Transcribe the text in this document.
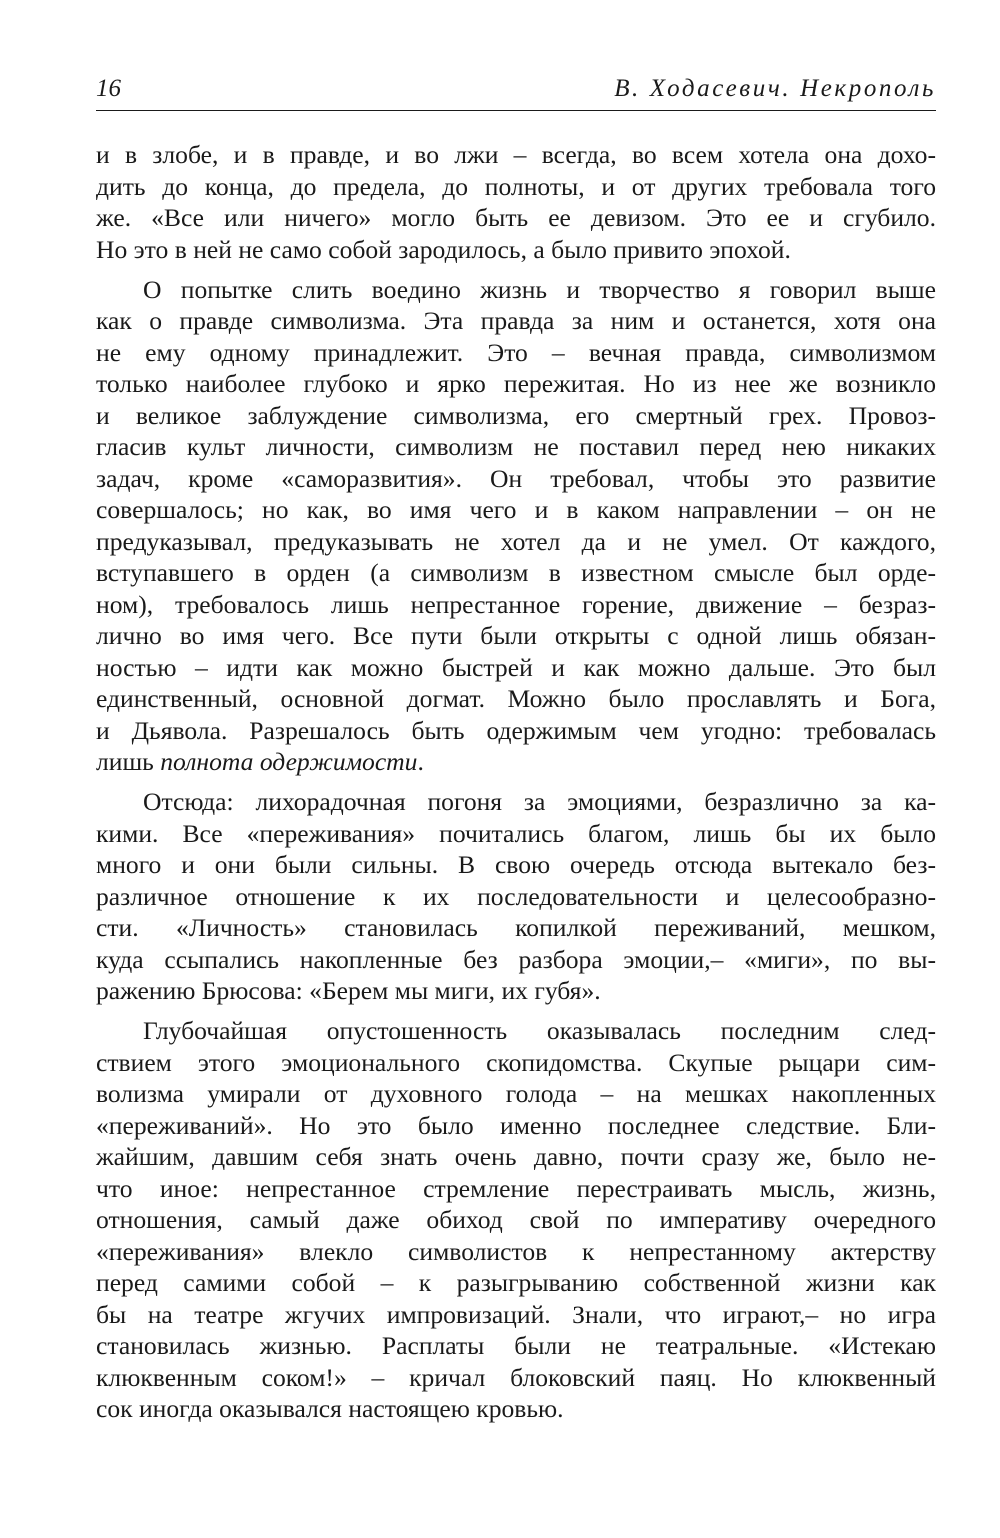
16	В. Ходасевич. Некрополь
и в злобе, и в правде, и во лжи – всегда, во всем хотела она дохо-
дить до конца, до предела, до полноты, и от других требовала того
же. «Все или ничего» могло быть ее девизом. Это ее и сгубило.
Но это в ней не само собой зародилось, а было привито эпохой.
О попытке слить воедино жизнь и творчество я говорил выше
как о правде символизма. Эта правда за ним и останется, хотя она
не ему одному принадлежит. Это – вечная правда, символизмом
только наиболее глубоко и ярко пережитая. Но из нее же возникло
и великое заблуждение символизма, его смертный грех. Провоз-
гласив культ личности, символизм не поставил перед нею никаких
задач, кроме «саморазвития». Он требовал, чтобы это развитие
совершалось; но как, во имя чего и в каком направлении – он не
предуказывал, предуказывать не хотел да и не умел. От каждого,
вступавшего в орден (а символизм в известном смысле был орде-
ном), требовалось лишь непрестанное горение, движение – безраз-
лично во имя чего. Все пути были открыты с одной лишь обязан-
ностью – идти как можно быстрей и как можно дальше. Это был
единственный, основной догмат. Можно было прославлять и Бога,
и Дьявола. Разрешалось быть одержимым чем угодно: требовалась
лишь полнота одержимости.
Отсюда: лихорадочная погоня за эмоциями, безразлично за ка-
кими. Все «переживания» почитались благом, лишь бы их было
много и они были сильны. В свою очередь отсюда вытекало без-
различное отношение к их последовательности и целесообразно-
сти. «Личность» становилась копилкой переживаний, мешком,
куда ссыпались накопленные без разбора эмоции,– «миги», по вы-
ражению Брюсова: «Берем мы миги, их губя».
Глубочайшая опустошенность оказывалась последним след-
ствием этого эмоционального скопидомства. Скупые рыцари сим-
волизма умирали от духовного голода – на мешках накопленных
«переживаний». Но это было именно последнее следствие. Бли-
жайшим, давшим себя знать очень давно, почти сразу же, было не-
что иное: непрестанное стремление перестраивать мысль, жизнь,
отношения, самый даже обиход свой по императиву очередного
«переживания» влекло символистов к непрестанному актерству
перед самими собой – к разыгрыванию собственной жизни как
бы на театре жгучих импровизаций. Знали, что играют,– но игра
становилась жизнью. Расплаты были не театральные. «Истекаю
клюквенным соком!» – кричал блоковский паяц. Но клюквенный
сок иногда оказывался настоящею кровью.
